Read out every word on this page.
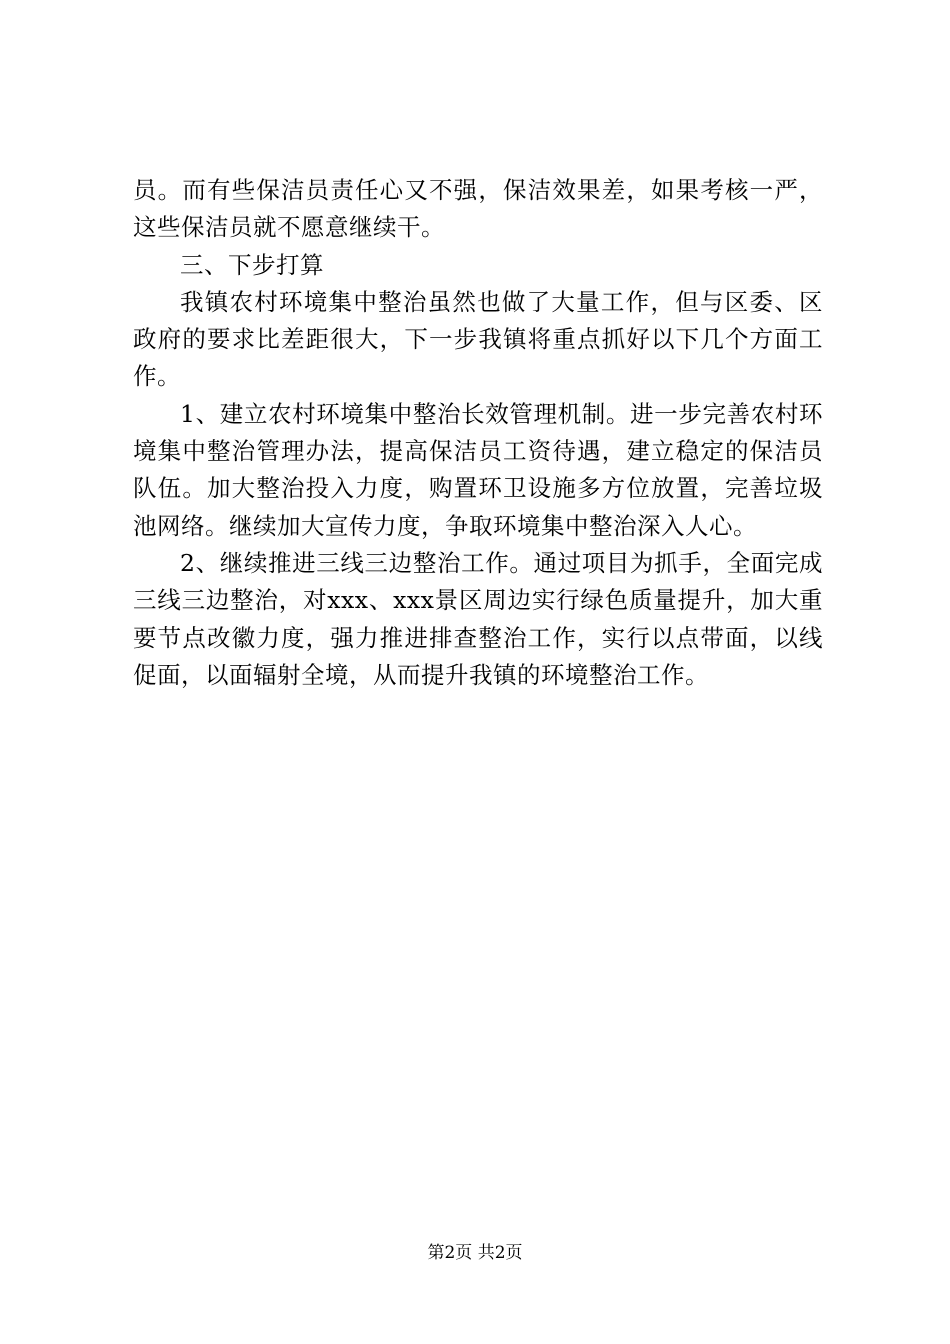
员。而有些保洁员责任心又不强，保洁效果差，如果考核一严，这些保洁员就不愿意继续干。

三、下步打算

我镇农村环境集中整治虽然也做了大量工作，但与区委、区政府的要求比差距很大，下一步我镇将重点抓好以下几个方面工作。

1、建立农村环境集中整治长效管理机制。进一步完善农村环境集中整治管理办法，提高保洁员工资待遇，建立稳定的保洁员队伍。加大整治投入力度，购置环卫设施多方位放置，完善垃圾池网络。继续加大宣传力度，争取环境集中整治深入人心。

2、继续推进三线三边整治工作。通过项目为抓手，全面完成三线三边整治，对xxx、xxx景区周边实行绿色质量提升，加大重要节点改徽力度，强力推进排查整治工作，实行以点带面，以线促面，以面辐射全境，从而提升我镇的环境整治工作。

第2页 共2页
